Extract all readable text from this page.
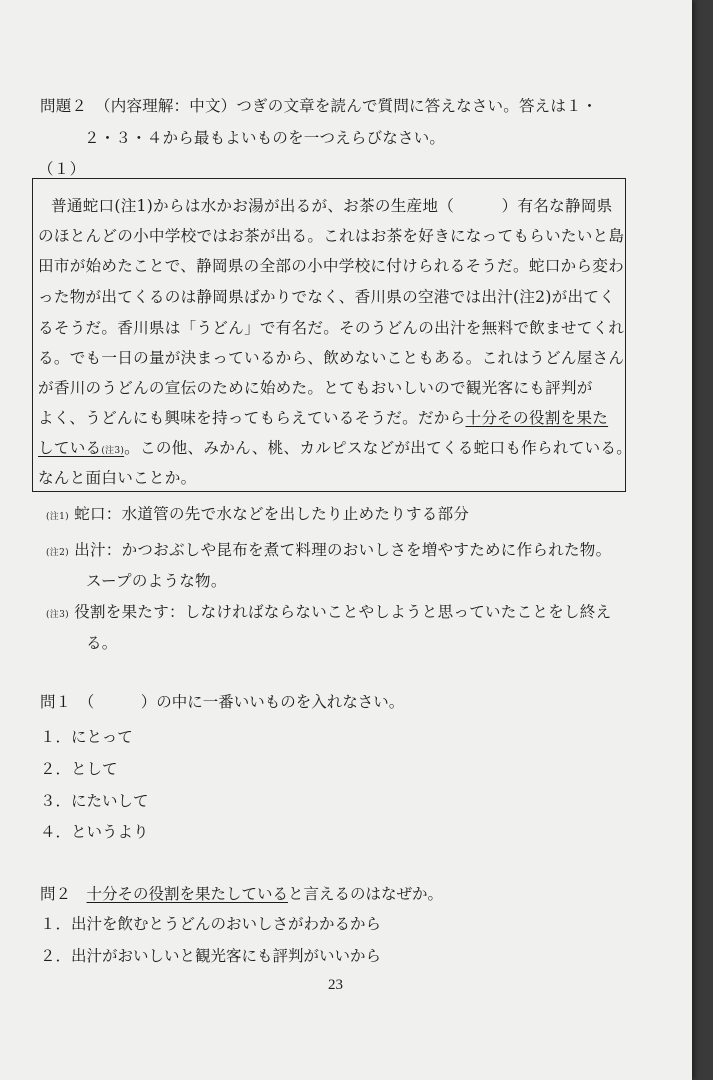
問題２　（内容理解：中文）つぎの文章を読んで質問に答えなさい。答えは１・
２・３・４から最もよいものを一つえらびなさい。
（１）
普通蛇口(注1)からは水かお湯が出るが、お茶の生産地（　　　）有名な静岡県
のほとんどの小中学校ではお茶が出る。これはお茶を好きになってもらいたいと島
田市が始めたことで、静岡県の全部の小中学校に付けられるそうだ。蛇口から変わ
った物が出てくるのは静岡県ばかりでなく、香川県の空港では出汁(注2)が出てく
るそうだ。香川県は「うどん」で有名だ。そのうどんの出汁を無料で飲ませてくれ
る。でも一日の量が決まっているから、飲めないこともある。これはうどん屋さん
が香川のうどんの宣伝のために始めた。とてもおいしいので観光客にも評判が
よく、うどんにも興味を持ってもらえているそうだ。だから十分その役割を果た
している(注3)。この他、みかん、桃、カルピスなどが出てくる蛇口も作られている。
なんと面白いことか。
(注1) 蛇口：水道管の先で水などを出したり止めたりする部分
(注2) 出汁：かつおぶしや昆布を煮て料理のおいしさを増やすために作られた物。
スープのような物。
(注3) 役割を果たす：しなければならないことやしようと思っていたことをし終え
る。
問１　（　　　）の中に一番いいものを入れなさい。
１．にとって
２．として
３．にたいして
４．というより
問２　十分その役割を果たしていると言えるのはなぜか。
１．出汁を飲むとうどんのおいしさがわかるから
２．出汁がおいしいと観光客にも評判がいいから
23
